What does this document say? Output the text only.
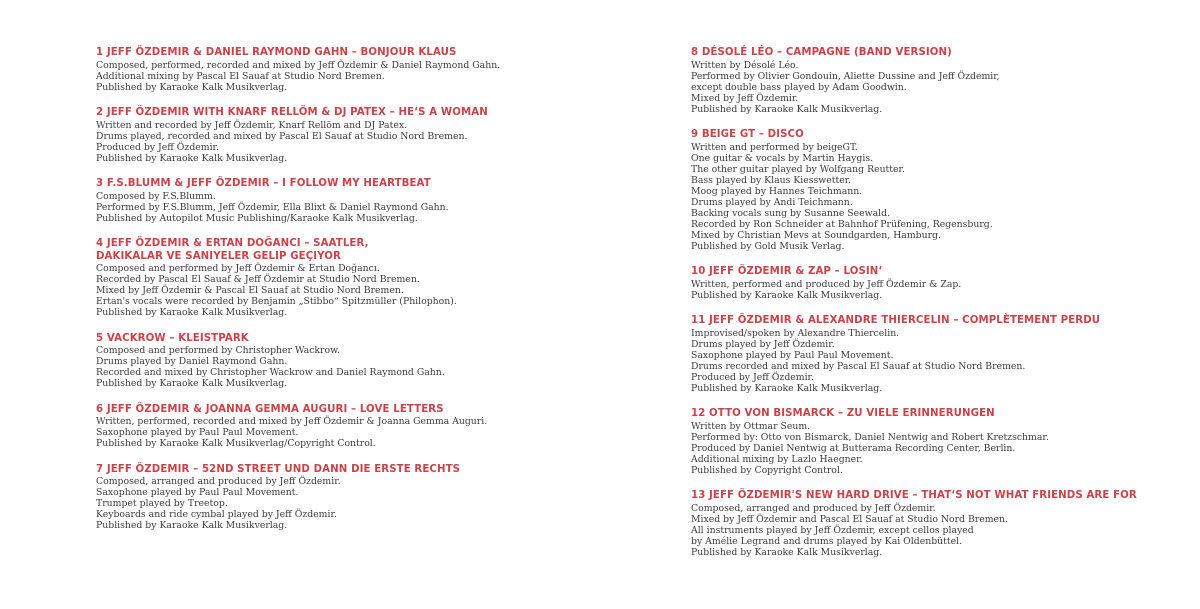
1 JEFF ÖZDEMIR & DANIEL RAYMOND GAHN – BONJOUR KLAUS
Composed, performed, recorded and mixed by Jeff Özdemir & Daniel Raymond Gahn.
Additional mixing by Pascal El Sauaf at Studio Nord Bremen.
Published by Karaoke Kalk Musikverlag.
2 JEFF ÖZDEMIR WITH KNARF RELLÖM & DJ PATEX – HE‘S A WOMAN
Written and recorded by Jeff Özdemir, Knarf Rellöm and DJ Patex.
Drums played, recorded and mixed by Pascal El Sauaf at Studio Nord Bremen.
Produced by Jeff Özdemir.
Published by Karaoke Kalk Musikverlag.
3 F.S.BLUMM & JEFF ÖZDEMIR – I FOLLOW MY HEARTBEAT
Composed by F.S.Blumm.
Performed by F.S.Blumm, Jeff Özdemir, Ella Blixt & Daniel Raymond Gahn.
Published by Autopilot Music Publishing/Karaoke Kalk Musikverlag.
4 JEFF ÖZDEMIR & ERTAN DOĞANCI – SAATLER,
DAKIKALAR VE SANIYELER GELIP GEÇIYOR
Composed and performed by Jeff Özdemir & Ertan Doğancı.
Recorded by Pascal El Sauaf & Jeff Özdemir at Studio Nord Bremen.
Mixed by Jeff Özdemir & Pascal El Sauaf at Studio Nord Bremen.
Ertan's vocals were recorded by Benjamin „Stibbo“ Spitzmüller (Philophon).
Published by Karaoke Kalk Musikverlag.
5 VACKROW – KLEISTPARK
Composed and performed by Christopher Wackrow.
Drums played by Daniel Raymond Gahn.
Recorded and mixed by Christopher Wackrow and Daniel Raymond Gahn.
Published by Karaoke Kalk Musikverlag.
6 JEFF ÖZDEMIR & JOANNA GEMMA AUGURI – LOVE LETTERS
Written, performed, recorded and mixed by Jeff Özdemir & Joanna Gemma Auguri.
Saxophone played by Paul Paul Movement.
Published by Karaoke Kalk Musikverlag/Copyright Control.
7 JEFF ÖZDEMIR – 52ND STREET UND DANN DIE ERSTE RECHTS
Composed, arranged and produced by Jeff Özdemir.
Saxophone played by Paul Paul Movement.
Trumpet played by Treetop.
Keyboards and ride cymbal played by Jeff Özdemir.
Published by Karaoke Kalk Musikverlag.
8 DÉSOLÉ LÉO – CAMPAGNE (BAND VERSION)
Written by Désolé Léo.
Performed by Olivier Gondouin, Aliette Dussine and Jeff Özdemir,
except double bass played by Adam Goodwin.
Mixed by Jeff Özdemir.
Published by Karaoke Kalk Musikverlag.
9 BEIGE GT – DISCO
Written and performed by beigeGT.
One guitar & vocals by Martin Haygis.
The other guitar played by Wolfgang Reutter.
Bass played by Klaus Kiesswetter.
Moog played by Hannes Teichmann.
Drums played by Andi Teichmann.
Backing vocals sung by Susanne Seewald.
Recorded by Ron Schneider at Bahnhof Prüfening, Regensburg.
Mixed by Christian Mevs at Soundgarden, Hamburg.
Published by Gold Musik Verlag.
10 JEFF ÖZDEMIR & ZAP – LOSIN‘
Written, performed and produced by Jeff Özdemir & Zap.
Published by Karaoke Kalk Musikverlag.
11 JEFF ÖZDEMIR & ALEXANDRE THIERCELIN – COMPLÈTEMENT PERDU
Improvised/spoken by Alexandre Thiercelin.
Drums played by Jeff Özdemir.
Saxophone played by Paul Paul Movement.
Drums recorded and mixed by Pascal El Sauaf at Studio Nord Bremen.
Produced by Jeff Özdemir.
Published by Karaoke Kalk Musikverlag.
12 OTTO VON BISMARCK – ZU VIELE ERINNERUNGEN
Written by Ottmar Seum.
Performed by: Otto von Bismarck, Daniel Nentwig and Robert Kretzschmar.
Produced by Daniel Nentwig at Butterama Recording Center, Berlin.
Additional mixing by Lazlo Haegner.
Published by Copyright Control.
13 JEFF ÖZDEMIR'S NEW HARD DRIVE – THAT‘S NOT WHAT FRIENDS ARE FOR
Composed, arranged and produced by Jeff Özdemir.
Mixed by Jeff Özdemir and Pascal El Sauaf at Studio Nord Bremen.
All instruments played by Jeff Özdemir, except cellos played
by Amélie Legrand and drums played by Kai Oldenbüttel.
Published by Karaoke Kalk Musikverlag.
